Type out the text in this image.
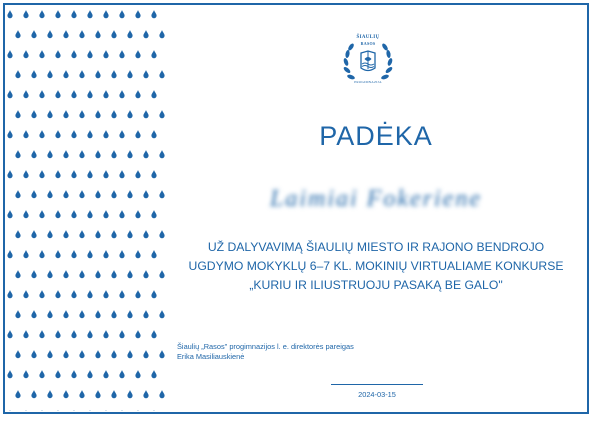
ŠIAULIŲ
RASOS
PROGIMNAZIJA
PADĖKA
Laimiai Fokeriene
UŽ DALYVAVIMĄ ŠIAULIŲ MIESTO IR RAJONO BENDROJO
UGDYMO MOKYKLŲ 6–7 KL. MOKINIŲ VIRTUALIAME KONKURSE
„KURIU IR ILIUSTRUOJU PASAKĄ BE GALO"
Šiaulių „Rasos" progimnazijos l. e. direktorės pareigas
Erika Masiliauskienė
2024-03-15
